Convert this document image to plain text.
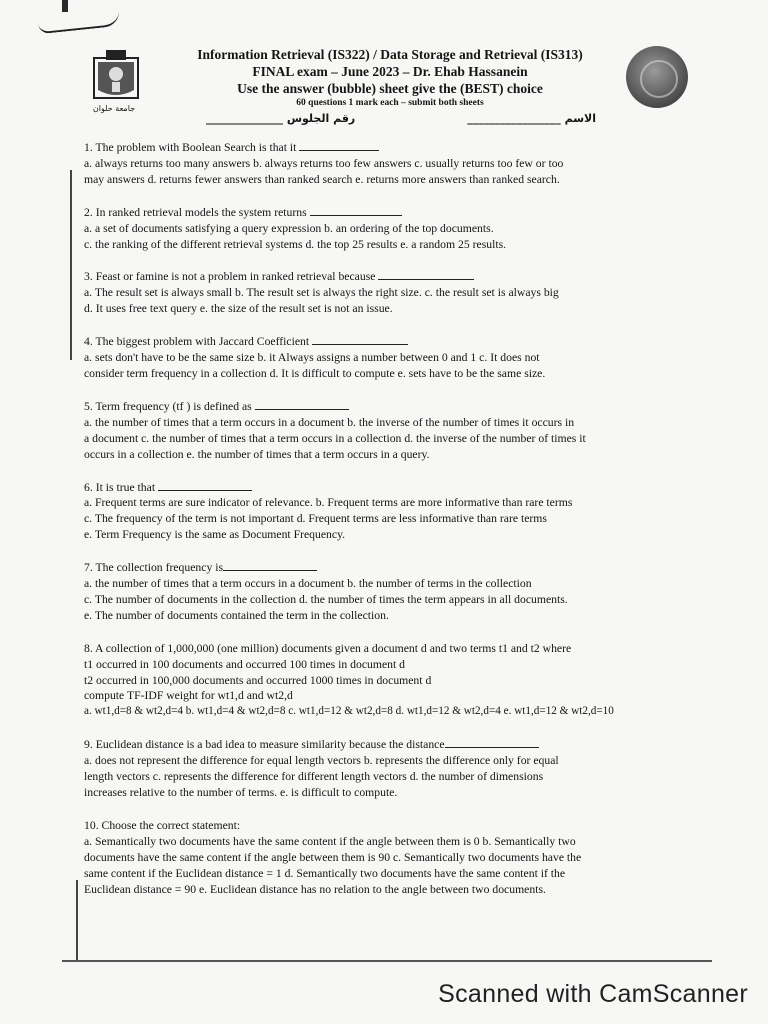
جامعة حلوان
Information Retrieval (IS322) / Data Storage and Retrieval (IS313)
FINAL exam – June 2023 – Dr. Ehab Hassanein
Use the answer (bubble) sheet give the (BEST) choice
60 questions 1 mark each – submit both sheets
______________ رقم الجلوس	_________________ الاسم
1. The problem with Boolean Search is that it
a. always returns too many answers b. always returns too few answers c. usually returns too few or too
may answers d. returns fewer answers than ranked search e. returns more answers than ranked search.
2. In ranked retrieval models the system returns
a. a set of documents satisfying a query expression b. an ordering of the top documents.
c. the ranking of the different retrieval systems d. the top 25 results e. a random 25 results.
3. Feast or famine is not a problem in ranked retrieval because
a. The result set is always small b. The result set is always the right size. c. the result set is always big
d. It uses free text query e. the size of the result set is not an issue.
4. The biggest problem with Jaccard Coefficient
a. sets don't have to be the same size b. it Always assigns a number between 0 and 1 c. It does not
consider term frequency in a collection d. It is difficult to compute e. sets have to be the same size.
5. Term frequency (tf ) is defined as
a. the number of times that a term occurs in a document b. the inverse of the number of times it occurs in
a document c. the number of times that a term occurs in a collection d. the inverse of the number of times it
occurs in a collection e. the number of times that a term occurs in a query.
6. It is true that
a. Frequent terms are sure indicator of relevance. b. Frequent terms are more informative than rare terms
c. The frequency of the term is not important d. Frequent terms are less informative than rare terms
e. Term Frequency is the same as Document Frequency.
7. The collection frequency is
a. the number of times that a term occurs in a document b. the number of terms in the collection
c. The number of documents in the collection d. the number of times the term appears in all documents.
e. The number of documents contained the term in the collection.
8. A collection of 1,000,000 (one million) documents given a document d and two terms t1 and t2 where
t1 occurred in 100 documents and occurred 100 times in document d
t2 occurred in 100,000 documents and occurred 1000 times in document d
compute TF-IDF weight for wt1,d and wt2,d
a. wt1,d=8 & wt2,d=4 b. wt1,d=4 & wt2,d=8 c. wt1,d=12 & wt2,d=8 d. wt1,d=12 & wt2,d=4 e. wt1,d=12 & wt2,d=10
9. Euclidean distance is a bad idea to measure similarity because the distance
a. does not represent the difference for equal length vectors b. represents the difference only for equal
length vectors c. represents the difference for different length vectors d. the number of dimensions
increases relative to the number of terms. e. is difficult to compute.
10. Choose the correct statement:
a. Semantically two documents have the same content if the angle between them is 0 b. Semantically two
documents have the same content if the angle between them is 90 c. Semantically two documents have the
same content if the Euclidean distance = 1 d. Semantically two documents have the same content if the
Euclidean distance = 90 e. Euclidean distance has no relation to the angle between two documents.
Scanned with CamScanner
